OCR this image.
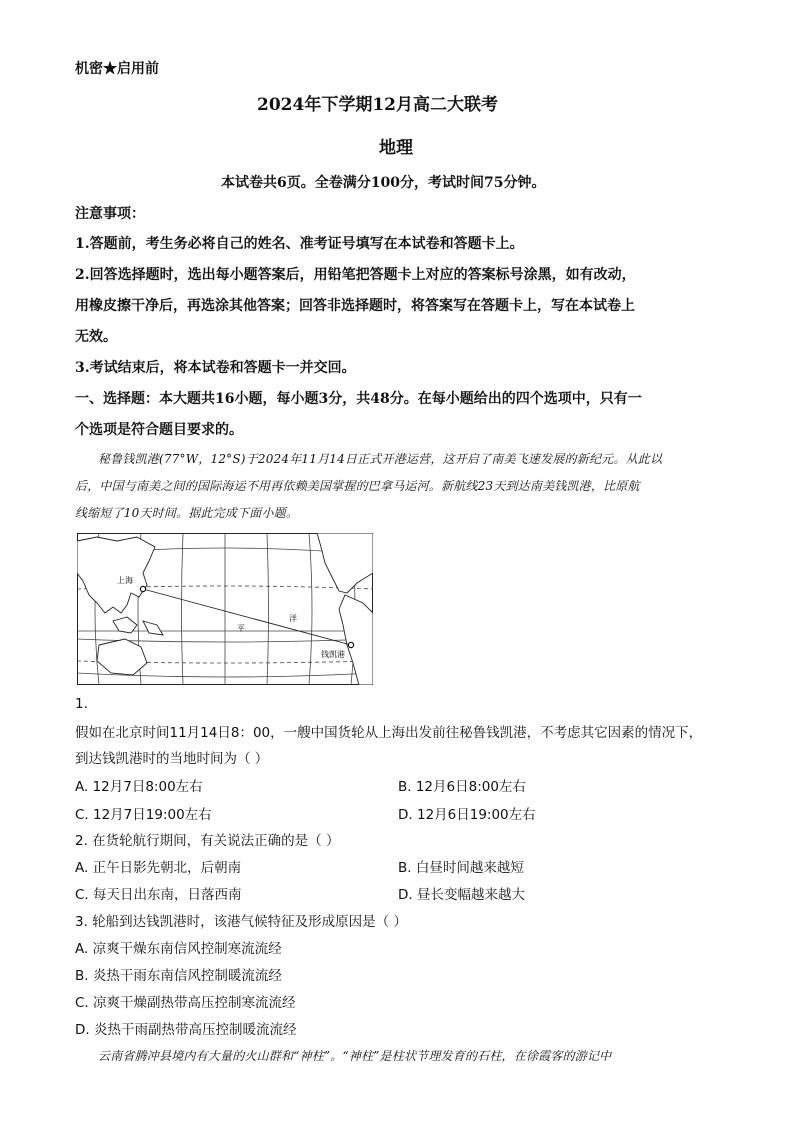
机密★启用前
2024年下学期12月高二大联考
地理
本试卷共6页。全卷满分100分，考试时间75分钟。
注意事项：
1.答题前，考生务必将自己的姓名、准考证号填写在本试卷和答题卡上。
2.回答选择题时，选出每小题答案后，用铅笔把答题卡上对应的答案标号涂黑，如有改动，
用橡皮擦干净后，再选涂其他答案；回答非选择题时，将答案写在答题卡上，写在本试卷上
无效。
3.考试结束后，将本试卷和答题卡一并交回。
一、选择题：本大题共16小题，每小题3分，共48分。在每小题给出的四个选项中，只有一
个选项是符合题目要求的。
秘鲁钱凯港(77°W，12°S)于2024年11月14日正式开港运营，这开启了南美飞速发展的新纪元。从此以
后，中国与南美之间的国际海运不用再依赖美国掌握的巴拿马运河。新航线23天到达南美钱凯港，比原航
线缩短了10天时间。据此完成下面小题。
上海
平
洋
钱凯港
1.
假如在北京时间11月14日8：00，一艘中国货轮从上海出发前往秘鲁钱凯港，不考虑其它因素的情况下，
到达钱凯港时的当地时间为（ ）
A. 12月7日8:00左右	B. 12月6日8:00左右
C. 12月7日19:00左右	D. 12月6日19:00左右
2. 在货轮航行期间，有关说法正确的是（ ）
A. 正午日影先朝北，后朝南	B. 白昼时间越来越短
C. 每天日出东南，日落西南	D. 昼长变幅越来越大
3. 轮船到达钱凯港时，该港气候特征及形成原因是（ ）
A. 凉爽干燥东南信风控制寒流流经
B. 炎热干雨东南信风控制暖流流经
C. 凉爽干燥副热带高压控制寒流流经
D. 炎热干雨副热带高压控制暖流流经
云南省腾冲县境内有大量的火山群和“神柱”。“神柱”是柱状节理发育的石柱，在徐霞客的游记中
